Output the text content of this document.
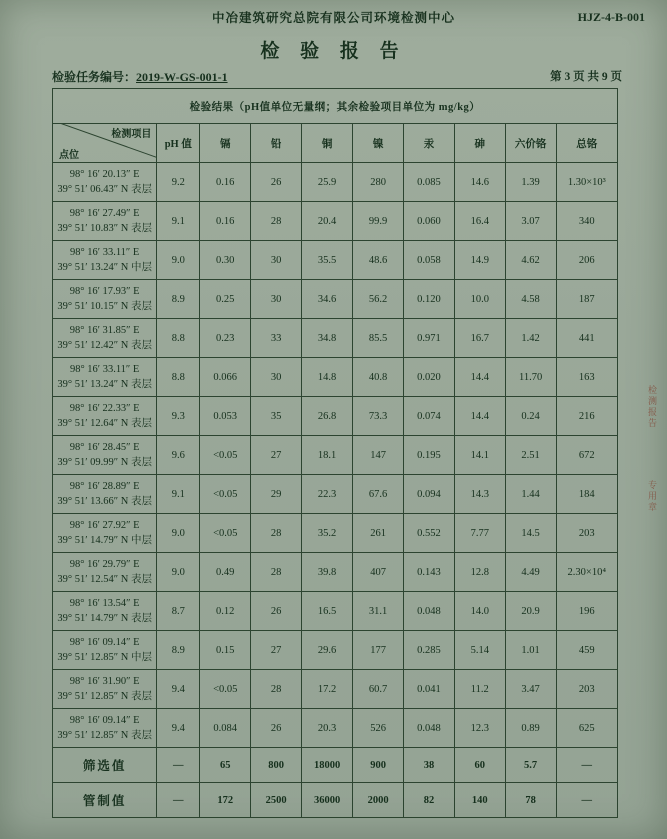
中冶建筑研究总院有限公司环境检测中心	HJZ-4-B-001
检 验 报 告
检验任务编号：2019-W-GS-001-1	第 3 页 共 9 页
检验结果（pH值单位无量纲；其余检验项目单位为 mg/kg）									

检测项目
点位	pH 值	镉	铅	铜	镍	汞	砷	六价铬	总铬

98° 16′ 20.13″ E
39° 51′ 06.43″ N 表层	9.2	0.16	26	25.9	280	0.085	14.6	1.39	1.30×10³

98° 16′ 27.49″ E
39° 51′ 10.83″ N 表层	9.1	0.16	28	20.4	99.9	0.060	16.4	3.07	340

98° 16′ 33.11″ E
39° 51′ 13.24″ N 中层	9.0	0.30	30	35.5	48.6	0.058	14.9	4.62	206

98° 16′ 17.93″ E
39° 51′ 10.15″ N 表层	8.9	0.25	30	34.6	56.2	0.120	10.0	4.58	187

98° 16′ 31.85″ E
39° 51′ 12.42″ N 表层	8.8	0.23	33	34.8	85.5	0.971	16.7	1.42	441

98° 16′ 33.11″ E
39° 51′ 13.24″ N 表层	8.8	0.066	30	14.8	40.8	0.020	14.4	11.70	163

98° 16′ 22.33″ E
39° 51′ 12.64″ N 表层	9.3	0.053	35	26.8	73.3	0.074	14.4	0.24	216

98° 16′ 28.45″ E
39° 51′ 09.99″ N 表层	9.6	<0.05	27	18.1	147	0.195	14.1	2.51	672

98° 16′ 28.89″ E
39° 51′ 13.66″ N 表层	9.1	<0.05	29	22.3	67.6	0.094	14.3	1.44	184

98° 16′ 27.92″ E
39° 51′ 14.79″ N 中层	9.0	<0.05	28	35.2	261	0.552	7.77	14.5	203

98° 16′ 29.79″ E
39° 51′ 12.54″ N 表层	9.0	0.49	28	39.8	407	0.143	12.8	4.49	2.30×10⁴

98° 16′ 13.54″ E
39° 51′ 14.79″ N 表层	8.7	0.12	26	16.5	31.1	0.048	14.0	20.9	196

98° 16′ 09.14″ E
39° 51′ 12.85″ N 中层	8.9	0.15	27	29.6	177	0.285	5.14	1.01	459

98° 16′ 31.90″ E
39° 51′ 12.85″ N 表层	9.4	<0.05	28	17.2	60.7	0.041	11.2	3.47	203

98° 16′ 09.14″ E
39° 51′ 12.85″ N 表层	9.4	0.084	26	20.3	526	0.048	12.3	0.89	625
筛选值	—	65	800	18000	900	38	60	5.7	—
管制值	—	172	2500	36000	2000	82	140	78	—
检测报告
专用章
